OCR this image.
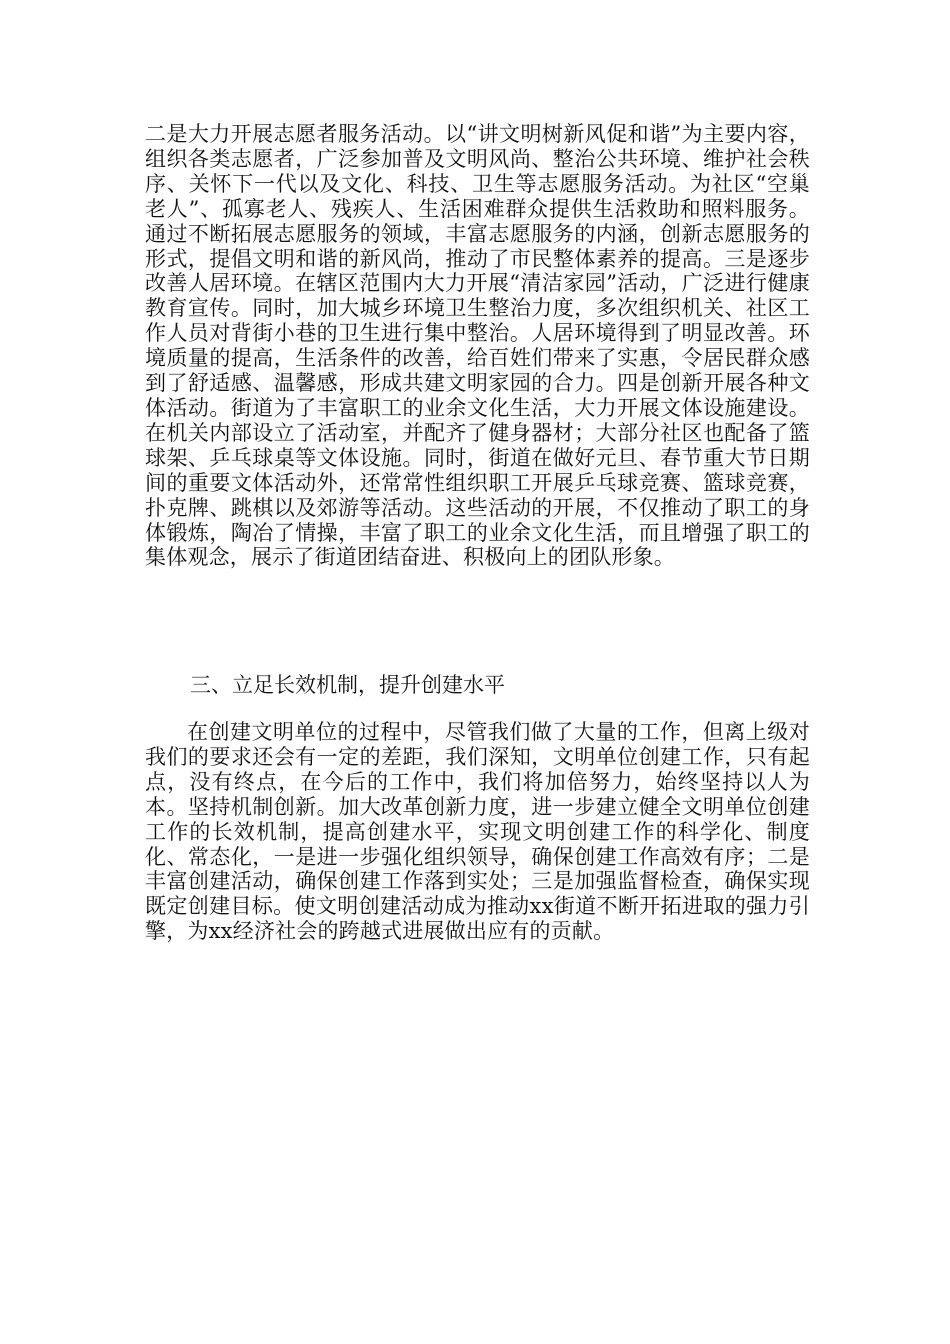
二是大力开展志愿者服务活动。以“讲文明树新风促和谐”为主要内容，组织各类志愿者，广泛参加普及文明风尚、整治公共环境、维护社会秩序、关怀下一代以及文化、科技、卫生等志愿服务活动。为社区“空巢老人”、孤寡老人、残疾人、生活困难群众提供生活救助和照料服务。通过不断拓展志愿服务的领域，丰富志愿服务的内涵，创新志愿服务的形式，提倡文明和谐的新风尚，推动了市民整体素养的提高。三是逐步改善人居环境。在辖区范围内大力开展“清洁家园”活动，广泛进行健康教育宣传。同时，加大城乡环境卫生整治力度，多次组织机关、社区工作人员对背街小巷的卫生进行集中整治。人居环境得到了明显改善。环境质量的提高，生活条件的改善，给百姓们带来了实惠，令居民群众感到了舒适感、温馨感，形成共建文明家园的合力。四是创新开展各种文体活动。街道为了丰富职工的业余文化生活，大力开展文体设施建设。在机关内部设立了活动室，并配齐了健身器材；大部分社区也配备了篮球架、乒乓球桌等文体设施。同时，街道在做好元旦、春节重大节日期间的重要文体活动外，还常常性组织职工开展乒乓球竞赛、篮球竞赛，扑克牌、跳棋以及郊游等活动。这些活动的开展，不仅推动了职工的身体锻炼，陶冶了情操，丰富了职工的业余文化生活，而且增强了职工的集体观念，展示了街道团结奋进、积极向上的团队形象。

三、立足长效机制，提升创建水平

在创建文明单位的过程中，尽管我们做了大量的工作，但离上级对我们的要求还会有一定的差距，我们深知，文明单位创建工作，只有起点，没有终点，在今后的工作中，我们将加倍努力，始终坚持以人为本。坚持机制创新。加大改革创新力度，进一步建立健全文明单位创建工作的长效机制，提高创建水平，实现文明创建工作的科学化、制度化、常态化，一是进一步强化组织领导，确保创建工作高效有序；二是丰富创建活动，确保创建工作落到实处；三是加强监督检查，确保实现既定创建目标。使文明创建活动成为推动xx街道不断开拓进取的强力引擎，为xx经济社会的跨越式进展做出应有的贡献。
